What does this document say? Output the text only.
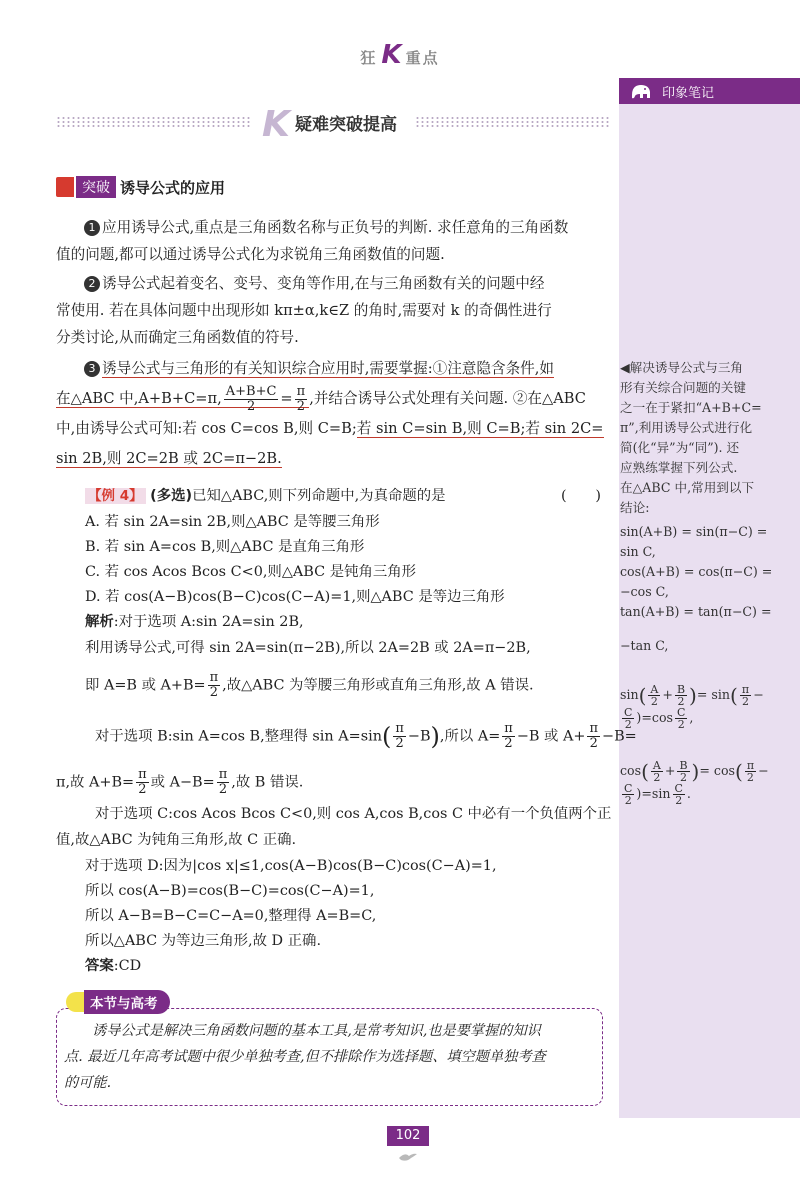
狂 K 重点
印象笔记
K 疑难突破提高
突破 诱导公式的应用
1 应用诱导公式,重点是三角函数名称与正负号的判断. 求任意角的三角函数
值的问题,都可以通过诱导公式化为求锐角三角函数值的问题.
2 诱导公式起着变名、变号、变角等作用,在与三角函数有关的问题中经
常使用. 若在具体问题中出现形如 kπ±α,k∈Z 的角时,需要对 k 的奇偶性进行
分类讨论,从而确定三角函数值的符号.
3 诱导公式与三角形的有关知识综合应用时,需要掌握:①注意隐含条件,如
在△ABC 中,A+B+C=π, $\frac{A+B+C}{2} = \frac{\pi}{2}$ ,并结合诱导公式处理有关问题. ②在△ABC
中,由诱导公式可知:若 cos C=cos B,则 C=B;若 sin C=sin B,则 C=B;若 sin 2C=
sin 2B,则 2C=2B 或 2C=π−2B.
【例 4】 (多选)已知△ABC,则下列命题中,为真命题的是	(　　)
A. 若 sin 2A=sin 2B,则△ABC 是等腰三角形
B. 若 sin A=cos B,则△ABC 是直角三角形
C. 若 cos Acos Bcos C<0,则△ABC 是钝角三角形
D. 若 cos(A−B)cos(B−C)cos(C−A)=1,则△ABC 是等边三角形
解析:对于选项 A:sin 2A=sin 2B,
利用诱导公式,可得 sin 2A=sin(π−2B),所以 2A=2B 或 2A=π−2B,
即 A=B 或 $A+B= \frac{\pi}{2}$ ,故△ABC 为等腰三角形或直角三角形,故 A 错误.
对于选项 B:sin A=cos B,整理得 $\sin A=\sin( \frac{\pi}{2} -B)$,所以 $A= \frac{\pi}{2} -B$ 或 $A+ \frac{\pi}{2} -B=$
π,故 $A+B= \frac{\pi}{2}$ 或 $A-B= \frac{\pi}{2}$ ,故 B 错误.
对于选项 C:cos Acos Bcos C<0,则 cos A,cos B,cos C 中必有一个负值两个正
值,故△ABC 为钝角三角形,故 C 正确.
对于选项 D:因为|cos x|≤1,cos(A−B)cos(B−C)cos(C−A)=1,
所以 cos(A−B)=cos(B−C)=cos(C−A)=1,
所以 A−B=B−C=C−A=0,整理得 A=B=C,
所以△ABC 为等边三角形,故 D 正确.
答案:CD
◀解决诱导公式与三角
形有关综合问题的关键
之一在于紧扣“A+B+C=
π”,利用诱导公式进行化
简(化“异”为“同”). 还
应熟练掌握下列公式.
在△ABC 中,常用到以下
结论:
sin(A+B) = sin(π−C) =
sin C,
cos(A+B) = cos(π−C) =
−cos C,
tan(A+B) = tan(π−C) =
−tan C,
$\sin( \frac{A}{2} + \frac{B}{2}$ )= $\sin( \frac{\pi}{2}$ −

$\frac{C}{2} )=\cos \frac{C}{2}$ ,
$\cos( \frac{A}{2} + \frac{B}{2}$ )= $\cos( \frac{\pi}{2}$ −

$\frac{C}{2} )=\sin \frac{C}{2}$ .
本节与高考
诱导公式是解决三角函数问题的基本工具,是常考知识,也是要掌握的知识
点. 最近几年高考试题中很少单独考查,但不排除作为选择题、填空题单独考查
的可能.
102
